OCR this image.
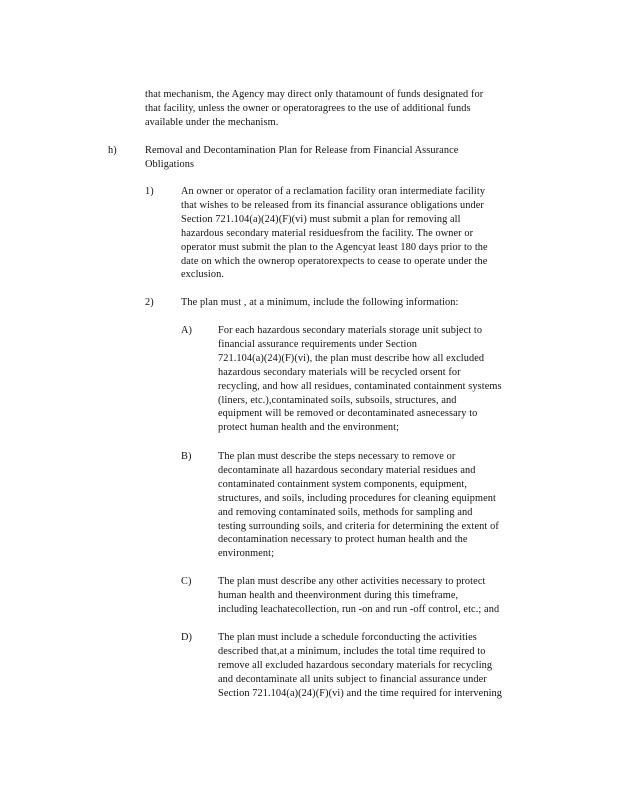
that mechanism, the Agency may direct only thatamount of funds designated for

that facility, unless the owner or operatoragrees to the use of additional funds

available under the mechanism.

h)	Removal and Decontamination Plan for Release from Financial Assurance

Obligations

1)	An owner or operator of a reclamation facility oran intermediate facility

that wishes to be released from its financial assurance obligations under

Section 721.104(a)(24)(F)(vi) must submit a plan for removing all

hazardous secondary material residuesfrom the facility. The owner or

operator must submit the plan to the Agencyat least 180 days prior to the

date on which the ownerор operatorexpects to cease to operate under the

exclusion.

2)	The plan must , at a minimum, include the following information:

A)	For each hazardous secondary materials storage unit subject to

financial assurance requirements under Section

721.104(a)(24)(F)(vi), the plan must describe how all excluded

hazardous secondary materials will be recycled orsent for

recycling, and how all residues, contaminated containment systems

(liners, etc.),contaminated soils, subsoils, structures, and

equipment will be removed or decontaminated asnecessary to

protect human health and the environment;

B)	The plan must describe the steps necessary to remove or

decontaminate all hazardous secondary material residues and

contaminated containment system components, equipment,

structures, and soils, including procedures for cleaning equipment

and removing contaminated soils, methods for sampling and

testing surrounding soils, and criteria for determining the extent of

decontamination necessary to protect human health and the

environment;

C)	The plan must describe any other activities necessary to protect

human health and theenvironment during this timeframe,

including leachatecollection, run -on and run -off control, etc.; and

D)	The plan must include a schedule forconducting the activities

described that,at a minimum, includes the total time required to

remove all excluded hazardous secondary materials for recycling

and decontaminate all units subject to financial assurance under

Section 721.104(a)(24)(F)(vi) and the time required for intervening
